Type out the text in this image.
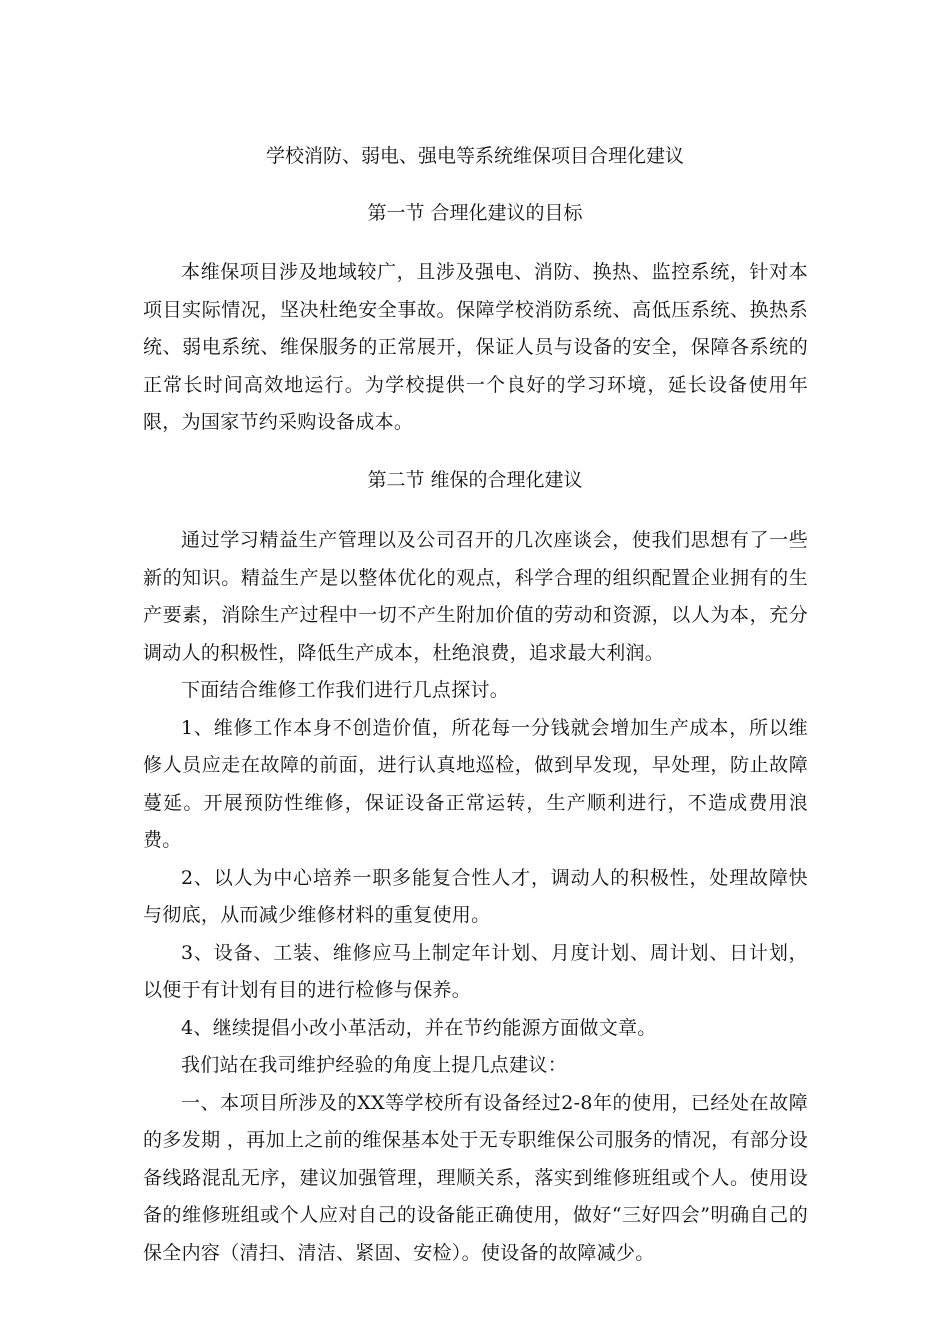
学校消防、弱电、强电等系统维保项目合理化建议
第一节 合理化建议的目标

本维保项目涉及地域较广，且涉及强电、消防、换热、监控系统，针对本项目实际情况，坚决杜绝安全事故。保障学校消防系统、高低压系统、换热系统、弱电系统、维保服务的正常展开，保证人员与设备的安全，保障各系统的正常长时间高效地运行。为学校提供一个良好的学习环境，延长设备使用年限，为国家节约采购设备成本。

第二节 维保的合理化建议

通过学习精益生产管理以及公司召开的几次座谈会，使我们思想有了一些新的知识。精益生产是以整体优化的观点，科学合理的组织配置企业拥有的生产要素，消除生产过程中一切不产生附加价值的劳动和资源，以人为本，充分调动人的积极性，降低生产成本，杜绝浪费，追求最大利润。

下面结合维修工作我们进行几点探讨。

1、维修工作本身不创造价值，所花每一分钱就会增加生产成本，所以维修人员应走在故障的前面，进行认真地巡检，做到早发现，早处理，防止故障蔓延。开展预防性维修，保证设备正常运转，生产顺利进行，不造成费用浪费。

2、以人为中心培养一职多能复合性人才，调动人的积极性，处理故障快与彻底，从而减少维修材料的重复使用。

3、设备、工装、维修应马上制定年计划、月度计划、周计划、日计划，以便于有计划有目的进行检修与保养。

4、继续提倡小改小革活动，并在节约能源方面做文章。

我们站在我司维护经验的角度上提几点建议：

一、本项目所涉及的XX等学校所有设备经过2-8年的使用，已经处在故障的多发期 ，再加上之前的维保基本处于无专职维保公司服务的情况，有部分设备线路混乱无序，建议加强管理，理顺关系，落实到维修班组或个人。使用设备的维修班组或个人应对自己的设备能正确使用，做好“三好四会”明确自己的保全内容（清扫、清洁、紧固、安检）。使设备的故障减少。
